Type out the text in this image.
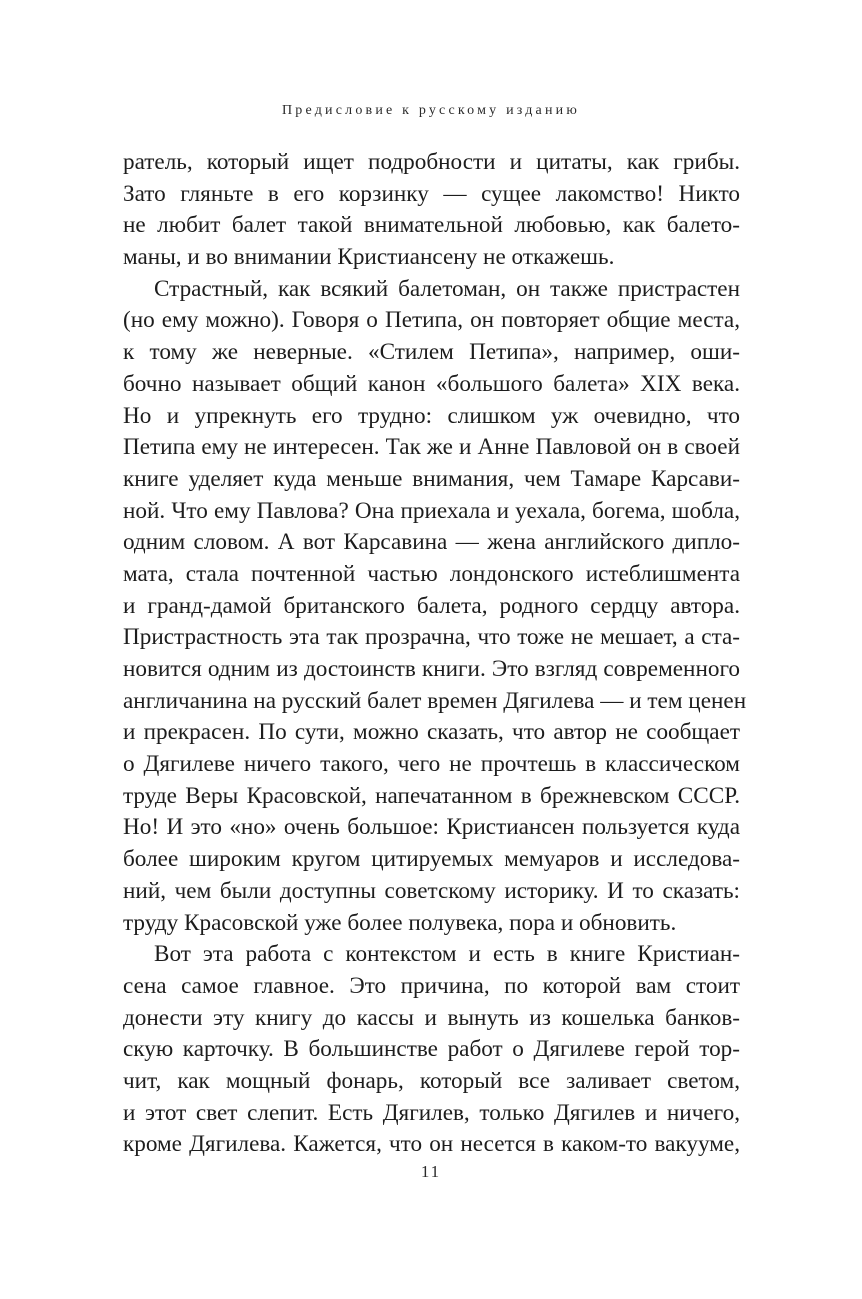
Предисловие к русскому изданию
ратель, который ищет подробности и цитаты, как грибы.
Зато гляньте в его корзинку — сущее лакомство! Никто
не любит балет такой внимательной любовью, как балето-
маны, и во внимании Кристиансену не откажешь.
Страстный, как всякий балетоман, он также пристрастен
(но ему можно). Говоря о Петипа, он повторяет общие места,
к тому же неверные. «Стилем Петипа», например, оши-
бочно называет общий канон «большого балета» XIX века.
Но и упрекнуть его трудно: слишком уж очевидно, что
Петипа ему не интересен. Так же и Анне Павловой он в своей
книге уделяет куда меньше внимания, чем Тамаре Карсави-
ной. Что ему Павлова? Она приехала и уехала, богема, шобла,
одним словом. А вот Карсавина — жена английского дипло-
мата, стала почтенной частью лондонского истеблишмента
и гранд-дамой британского балета, родного сердцу автора.
Пристрастность эта так прозрачна, что тоже не мешает, а ста-
новится одним из достоинств книги. Это взгляд современного
англичанина на русский балет времен Дягилева — и тем ценен
и прекрасен. По сути, можно сказать, что автор не сообщает
о Дягилеве ничего такого, чего не прочтешь в классическом
труде Веры Красовской, напечатанном в брежневском СССР.
Но! И это «но» очень большое: Кристиансен пользуется куда
более широким кругом цитируемых мемуаров и исследова-
ний, чем были доступны советскому историку. И то сказать:
труду Красовской уже более полувека, пора и обновить.
Вот эта работа с контекстом и есть в книге Кристиан-
сена самое главное. Это причина, по которой вам стоит
донести эту книгу до кассы и вынуть из кошелька банков-
скую карточку. В большинстве работ о Дягилеве герой тор-
чит, как мощный фонарь, который все заливает светом,
и этот свет слепит. Есть Дягилев, только Дягилев и ничего,
кроме Дягилева. Кажется, что он несется в каком-то вакууме,
11
